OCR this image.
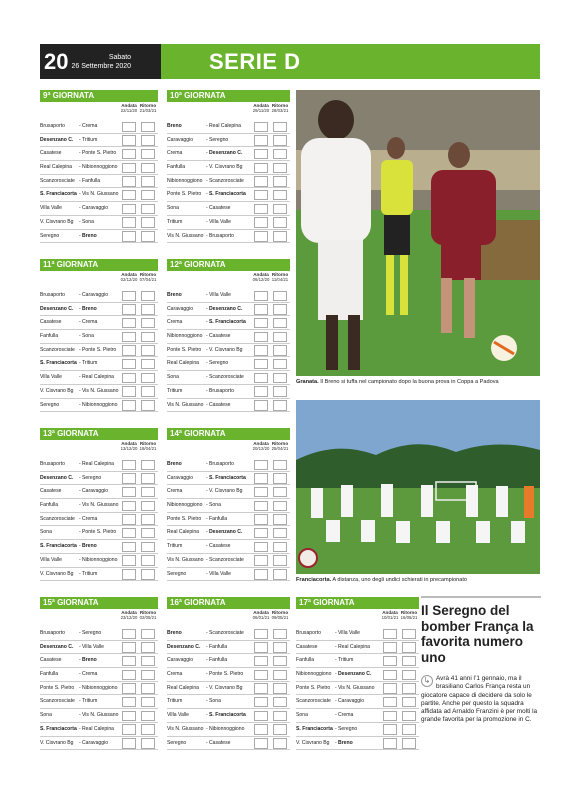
20	Sabato
26 Settembre 2020	SERIE D
9ª GIORNATA
Andata
22/11/20
Ritorno
21/03/21
Brusaporto	- Crema
Desenzano C. - Tritium
Casatese	- Ponte S. Pietro
Real Calepina - Nibionnoggiono
Scanzorosciate - Fanfulla
S. Franciacorta - Vis N. Giussano
Villa Valle	- Caravaggio
V. Cisvrano Bg - Sona
Seregno	- Breno
10ª GIORNATA
Andata
29/11/20
Ritorno
28/03/21
Breno	- Real Calepina
Caravaggio	- Seregno
Crema	- Desenzano C.
Fanfulla	- V. Cisvrano Bg
Nibionnoggiono - Scanzorosciate
Ponte S. Pietro - S. Franciacorta
Sona	- Casatese
Tritium	- Villa Valle
Vis N. Giussano - Brusaporto
11ª GIORNATA
Andata
02/12/20
Ritorno
07/04/21
Brusaporto	- Caravaggio
Desenzano C. - Breno
Casatese	- Crema
Fanfulla	- Sona
Scanzorosciate - Ponte S. Pietro
S. Franciacorta - Tritium
Villa Valle	- Real Calepina
V. Cisvrano Bg - Vis N. Giussano
Seregno	- Nibionnoggiono
12ª GIORNATA
Andata
06/12/20
Ritorno
11/04/21
Breno	- Villa Valle
Caravaggio	- Desenzano C.
Crema	- S. Franciacorta
Nibionnoggiono - Casatese
Ponte S. Pietro - V. Cisvrano Bg
Real Calepina - Seregno
Sona	- Scanzorosciate
Tritium	- Brusaporto
Vis N. Giussano - Casatese
13ª GIORNATA
Andata
13/12/20
Ritorno
18/04/21
Brusaporto	- Real Calepina
Desenzano C. - Seregno
Casatese	- Caravaggio
Fanfulla	- Vis N. Giussano
Scanzorosciate - Crema
Sona	- Ponte S. Pietro
S. Franciacorta - Breno
Villa Valle	- Nibionnoggiono
V. Cisvrano Bg - Tritium
14ª GIORNATA
Andata
20/12/20
Ritorno
25/04/21
Breno	- Brusaporto
Caravaggio	- S. Franciacorta
Crema	- V. Cisvrano Bg
Nibionnoggiono - Sona
Ponte S. Pietro - Fanfulla
Real Calepina - Desenzano C.
Tritium	- Casatese
Vis N. Giussano - Scanzorosciate
Seregno	- Villa Valle
15ª GIORNATA
Andata
23/12/20
Ritorno
02/05/21
Brusaporto	- Seregno
Desenzano C. - Villa Valle
Casatese	- Breno
Fanfulla	- Crema
Ponte S. Pietro - Nibionnoggiono
Scanzorosciate - Tritium
Sona	- Vis N. Giussano
S. Franciacorta - Real Calepina
V. Cisvrano Bg - Caravaggio
16ª GIORNATA
Andata
06/01/21
Ritorno
09/05/21
Breno	- Scanzorosciate
Desenzano C. - Fanfulla
Caravaggio	- Fanfulla
Crema	- Ponte S. Pietro
Real Calepina - V. Cisvrano Bg
Tritium	- Sona
Villa Valle	- S. Franciacorta
Vis N. Giussano - Nibionnoggiono
Seregno	- Casatese
17ª GIORNATA
Andata
10/01/21
Ritorno
16/05/21
Brusaporto	- Villa Valle
Casatese	- Real Calepina
Fanfulla	- Tritium
Nibionnoggiono - Desenzano C.
Ponte S. Pietro - Vis N. Giussano
Scanzorosciate - Caravaggio
Sona	- Crema
S. Franciacorta - Seregno
V. Cisvrano Bg - Breno
Granata. Il Breno si tuffa nel campionato dopo la buona prova in Coppa a Padova
Franciacorta. A distanza, uno degli undici schierati in precampionato
Il Seregno del bomber França la favorita numero uno

↳ Avrà 41 anni l’1 gennaio, ma il brasiliano Carlos França resta un giocatore capace di decidere da solo le partite. Anche per questo la squadra affidata ad Arnaldo Franzini è per molti la grande favorita per la promozione in C.
